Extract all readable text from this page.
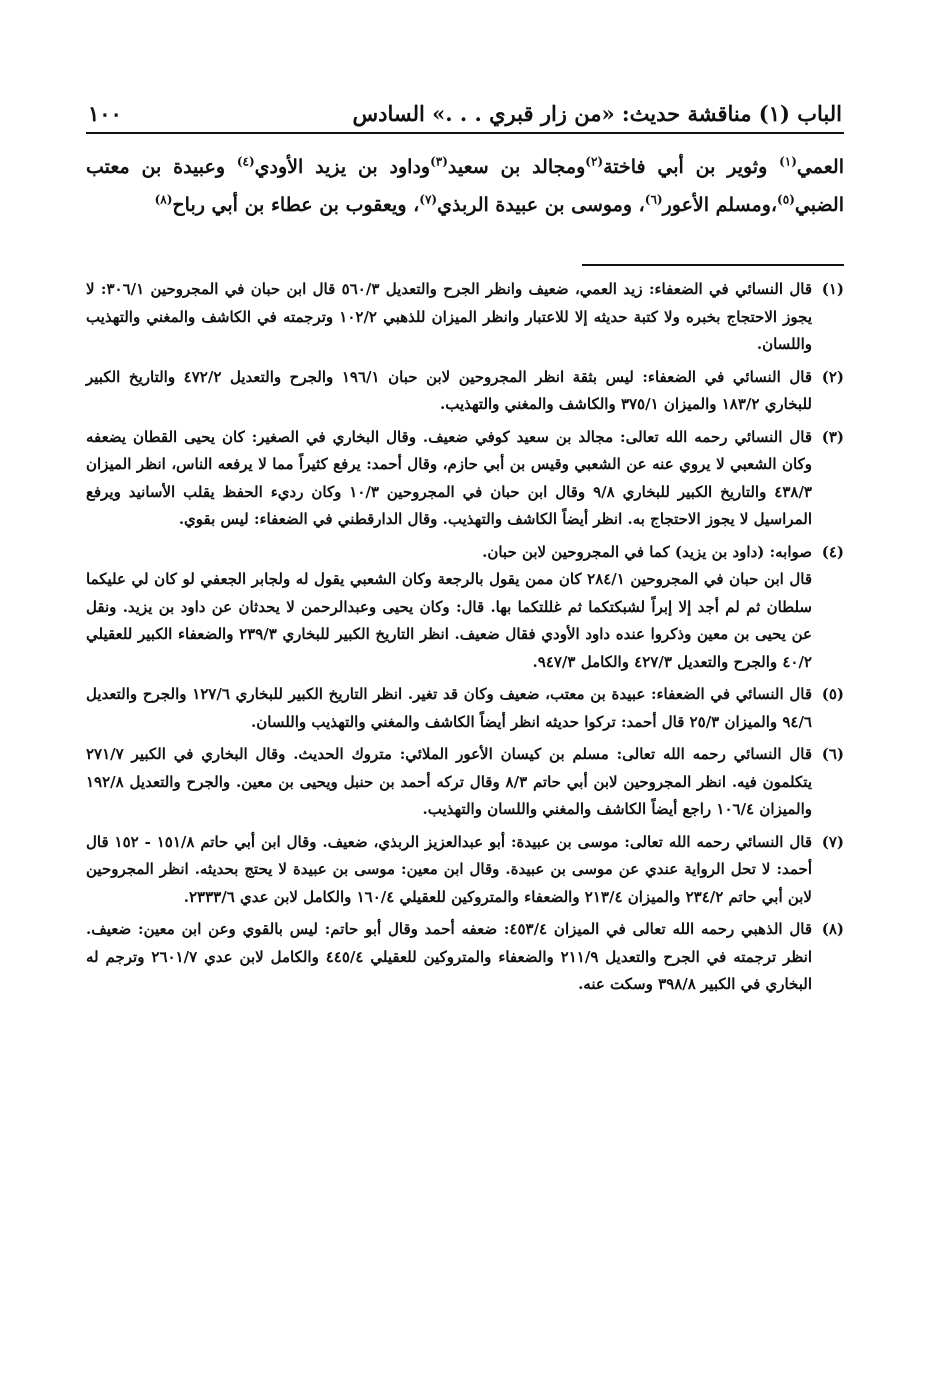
الباب (١) مناقشة حديث: «من زار قبري . . .» السادس
١٠٠
العمي$^{(١)}$ وثوير بن أبي فاختة$^{(٢)}$ومجالد بن سعيد$^{(٣)}$وداود بن يزيد الأودي$^{(٤)}$ وعبيدة بن معتب الضبي$^{(٥)}$،ومسلم الأعور$^{(٦)}$، وموسى بن عبيدة الربذي$^{(٧)}$، ويعقوب بن عطاء بن أبي رباح$^{(٨)}$
(١)

قال النسائي في الضعفاء: زيد العمي، ضعيف وانظر الجرح والتعديل ٥٦٠/٣ قال ابن حبان في المجروحين ٣٠٦/١: لا يجوز الاحتجاج بخبره ولا كتبة حديثه إلا للاعتبار وانظر الميزان للذهبي ١٠٢/٢ وترجمته في الكاشف والمغني والتهذيب واللسان.

(٢)

قال النسائي في الضعفاء: ليس بثقة انظر المجروحين لابن حبان ١٩٦/١ والجرح والتعديل ٤٧٢/٢ والتاريخ الكبير للبخاري ١٨٣/٢ والميزان ٣٧٥/١ والكاشف والمغني والتهذيب.

(٣)

قال النسائي رحمه الله تعالى: مجالد بن سعيد كوفي ضعيف. وقال البخاري في الصغير: كان يحيى القطان يضعفه وكان الشعبي لا يروي عنه عن الشعبي وقيس بن أبي حازم، وقال أحمد: يرفع كثيراً مما لا يرفعه الناس، انظر الميزان ٤٣٨/٣ والتاريخ الكبير للبخاري ٩/٨ وقال ابن حبان في المجروحين ١٠/٣ وكان رديء الحفظ يقلب الأسانيد ويرفع المراسيل لا يجوز الاحتجاج به. انظر أيضاً الكاشف والتهذيب. وقال الدارقطني في الضعفاء: ليس بقوي.

(٤)

صوابه: (داود بن يزيد) كما في المجروحين لابن حبان.

قال ابن حبان في المجروحين ٢٨٤/١ كان ممن يقول بالرجعة وكان الشعبي يقول له ولجابر الجعفي لو كان لي عليكما سلطان ثم لم أجد إلا إبراً لشبكتكما ثم غللتكما بها. قال: وكان يحيى وعبدالرحمن لا يحدثان عن داود بن يزيد. ونقل عن يحيى بن معين وذكروا عنده داود الأودي فقال ضعيف. انظر التاريخ الكبير للبخاري ٢٣٩/٣ والضعفاء الكبير للعقيلي ٤٠/٢ والجرح والتعديل ٤٢٧/٣ والكامل ٩٤٧/٣.

(٥)

قال النسائي في الضعفاء: عبيدة بن معتب، ضعيف وكان قد تغير. انظر التاريخ الكبير للبخاري ١٢٧/٦ والجرح والتعديل ٩٤/٦ والميزان ٢٥/٣ قال أحمد: تركوا حديثه انظر أيضاً الكاشف والمغني والتهذيب واللسان.

(٦)

قال النسائي رحمه الله تعالى: مسلم بن كيسان الأعور الملائي: متروك الحديث. وقال البخاري في الكبير ٢٧١/٧ يتكلمون فيه. انظر المجروحين لابن أبي حاتم ٨/٣ وقال تركه أحمد بن حنبل ويحيى بن معين. والجرح والتعديل ١٩٢/٨ والميزان ١٠٦/٤ راجع أيضاً الكاشف والمغني واللسان والتهذيب.

(٧)

قال النسائي رحمه الله تعالى: موسى بن عبيدة: أبو عبدالعزيز الربذي، ضعيف. وقال ابن أبي حاتم ١٥١/٨ - ١٥٢ قال أحمد: لا تحل الرواية عندي عن موسى بن عبيدة. وقال ابن معين: موسى بن عبيدة لا يحتج بحديثه. انظر المجروحين لابن أبي حاتم ٢٣٤/٢ والميزان ٢١٣/٤ والضعفاء والمتروكين للعقيلي ١٦٠/٤ والكامل لابن عدي ٢٣٣٣/٦.

(٨)

قال الذهبي رحمه الله تعالى في الميزان ٤٥٣/٤: ضعفه أحمد وقال أبو حاتم: ليس بالقوي وعن ابن معين: ضعيف. انظر ترجمته في الجرح والتعديل ٢١١/٩ والضعفاء والمتروكين للعقيلي ٤٤٥/٤ والكامل لابن عدي ٢٦٠١/٧ وترجم له البخاري في الكبير ٣٩٨/٨ وسكت عنه.
